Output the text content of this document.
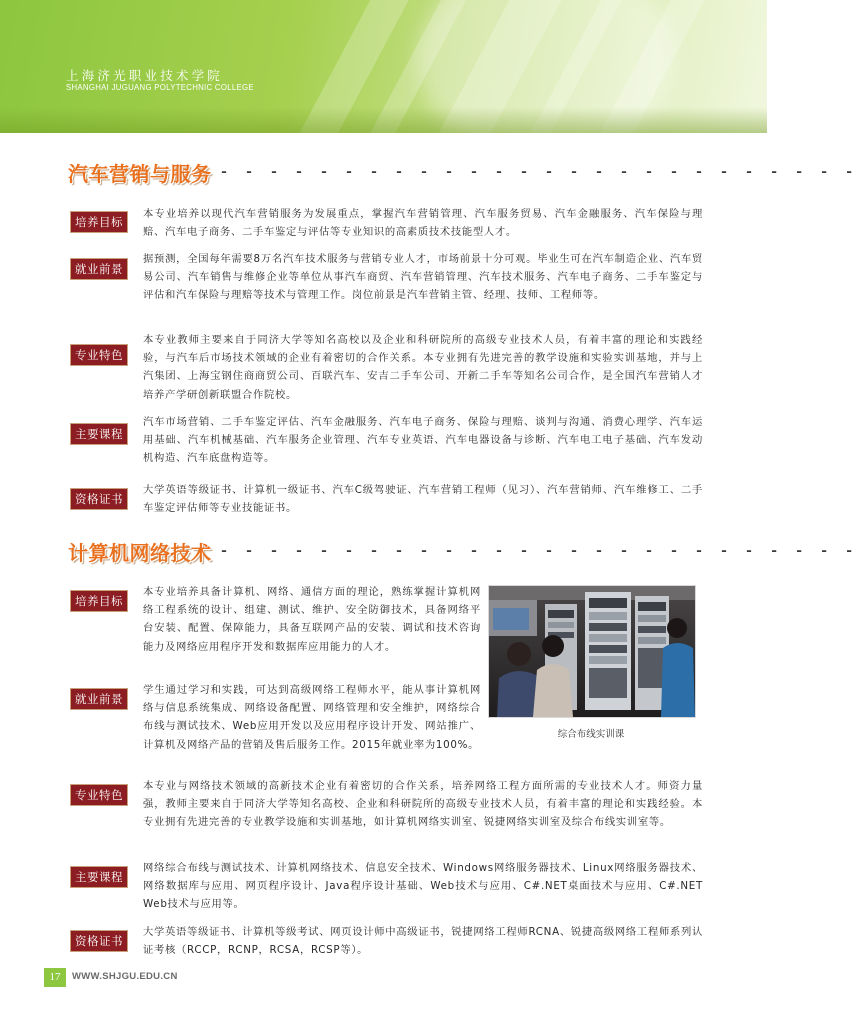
上海济光职业技术学院
SHANGHAI JUGUANG POLYTECHNIC COLLEGE
汽车营销与服务 - - - - - - - - - - - - - - - - - - - - - - - - - -
培养目标
本专业培养以现代汽车营销服务为发展重点，掌握汽车营销管理、汽车服务贸易、汽车金融服务、汽车保险与理赔、汽车电子商务、二手车鉴定与评估等专业知识的高素质技术技能型人才。
就业前景
据预测，全国每年需要8万名汽车技术服务与营销专业人才，市场前景十分可观。毕业生可在汽车制造企业、汽车贸易公司、汽车销售与维修企业等单位从事汽车商贸、汽车营销管理、汽车技术服务、汽车电子商务、二手车鉴定与评估和汽车保险与理赔等技术与管理工作。岗位前景是汽车营销主管、经理、技师、工程师等。
专业特色
本专业教师主要来自于同济大学等知名高校以及企业和科研院所的高级专业技术人员，有着丰富的理论和实践经验，与汽车后市场技术领域的企业有着密切的合作关系。本专业拥有先进完善的教学设施和实验实训基地，并与上汽集团、上海宝钢住商商贸公司、百联汽车、安吉二手车公司、开新二手车等知名公司合作，是全国汽车营销人才培养产学研创新联盟合作院校。
主要课程
汽车市场营销、二手车鉴定评估、汽车金融服务、汽车电子商务、保险与理赔、谈判与沟通、消费心理学、汽车运用基础、汽车机械基础、汽车服务企业管理、汽车专业英语、汽车电器设备与诊断、汽车电工电子基础、汽车发动机构造、汽车底盘构造等。
资格证书
大学英语等级证书、计算机一级证书、汽车C级驾驶证、汽车营销工程师（见习）、汽车营销师、汽车维修工、二手车鉴定评估师等专业技能证书。
计算机网络技术 - - - - - - - - - - - - - - - - - - - - - - - - - -
培养目标
本专业培养具备计算机、网络、通信方面的理论，熟练掌握计算机网络工程系统的设计、组建、测试、维护、安全防御技术，具备网络平台安装、配置、保障能力，具备互联网产品的安装、调试和技术咨询能力及网络应用程序开发和数据库应用能力的人才。
就业前景
学生通过学习和实践，可达到高级网络工程师水平，能从事计算机网络与信息系统集成、网络设备配置、网络管理和安全维护，网络综合布线与测试技术、Web应用开发以及应用程序设计开发、网站推广、计算机及网络产品的营销及售后服务工作。2015年就业率为100%。
综合布线实训课
专业特色
本专业与网络技术领域的高新技术企业有着密切的合作关系，培养网络工程方面所需的专业技术人才。师资力量强，教师主要来自于同济大学等知名高校、企业和科研院所的高级专业技术人员，有着丰富的理论和实践经验。本专业拥有先进完善的专业教学设施和实训基地，如计算机网络实训室、锐捷网络实训室及综合布线实训室等。
主要课程
网络综合布线与测试技术、计算机网络技术、信息安全技术、Windows网络服务器技术、Linux网络服务器技术、网络数据库与应用、网页程序设计、Java程序设计基础、Web技术与应用、C#.NET桌面技术与应用、C#.NET Web技术与应用等。
资格证书
大学英语等级证书、计算机等级考试、网页设计师中高级证书，锐捷网络工程师RCNA、锐捷高级网络工程师系列认证考核（RCCP，RCNP，RCSA，RCSP等）。
17	WWW.SHJGU.EDU.CN
